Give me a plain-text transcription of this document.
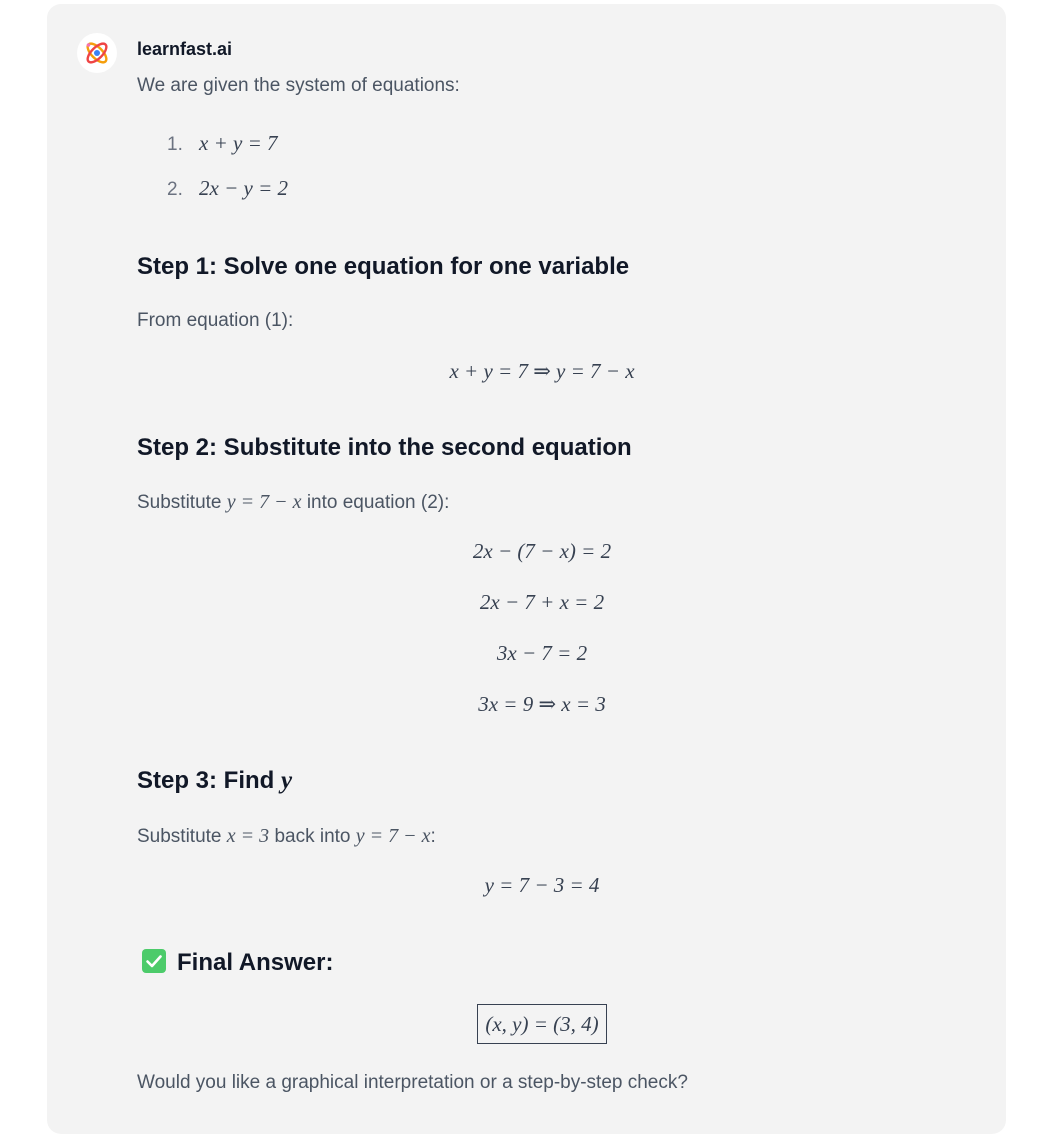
learnfast.ai
We are given the system of equations:
1. x + y = 7
2. 2x − y = 2
Step 1: Solve one equation for one variable
From equation (1):
x + y = 7 ⇒ y = 7 − x
Step 2: Substitute into the second equation
Substitute y = 7 − x into equation (2):
2x − (7 − x) = 2
2x − 7 + x = 2
3x − 7 = 2
3x = 9 ⇒ x = 3
Step 3: Find y
Substitute x = 3 back into y = 7 − x:
y = 7 − 3 = 4
Final Answer:
(x, y) = (3, 4)
Would you like a graphical interpretation or a step-by-step check?
